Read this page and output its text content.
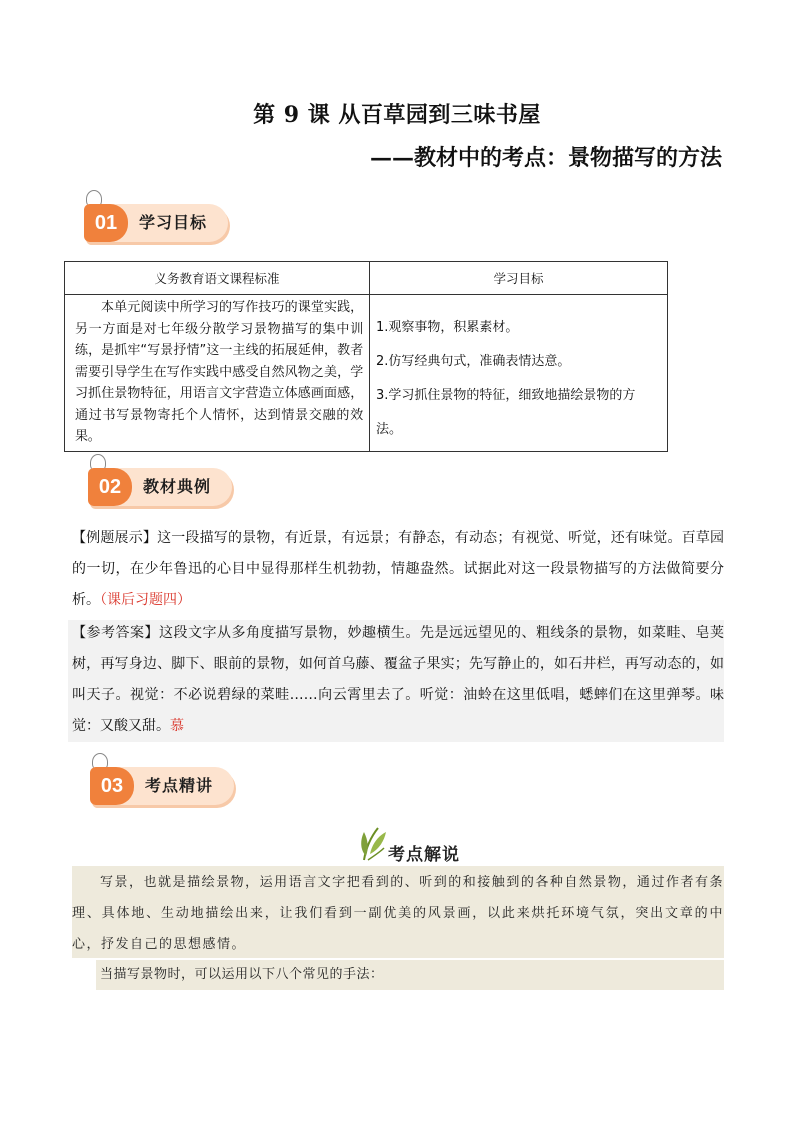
第 9 课 从百草园到三味书屋
——教材中的考点：景物描写的方法
01	学习目标
义务教育语文课程标准	学习目标
本单元阅读中所学习的写作技巧的课堂实践，另一方面是对七年级分散学习景物描写的集中训练，是抓牢“写景抒情”这一主线的拓展延伸，教者需要引导学生在写作实践中感受自然风物之美，学习抓住景物特征，用语言文字营造立体感画面感，通过书写景物寄托个人情怀，达到情景交融的效果。	1.观察事物，积累素材。
2.仿写经典句式，准确表情达意。
3.学习抓住景物的特征，细致地描绘景物的方法。
02	教材典例
【例题展示】这一段描写的景物，有近景，有远景；有静态，有动态；有视觉、听觉，还有味觉。百草园的一切，在少年鲁迅的心目中显得那样生机勃勃，情趣盎然。试据此对这一段景物描写的方法做简要分析。（课后习题四）
【参考答案】这段文字从多角度描写景物，妙趣横生。先是远远望见的、粗线条的景物，如菜畦、皂荚树，再写身边、脚下、眼前的景物，如何首乌藤、覆盆子果实；先写静止的，如石井栏，再写动态的，如叫天子。视觉：不必说碧绿的菜畦……向云霄里去了。听觉：油蛉在这里低唱，蟋蟀们在这里弹琴。味觉：又酸又甜。慕
03	考点精讲
考点解说
写景，也就是描绘景物，运用语言文字把看到的、听到的和接触到的各种自然景物，通过作者有条理、具体地、生动地描绘出来，让我们看到一副优美的风景画，以此来烘托环境气氛，突出文章的中心，抒发自己的思想感情。
当描写景物时，可以运用以下八个常见的手法：
